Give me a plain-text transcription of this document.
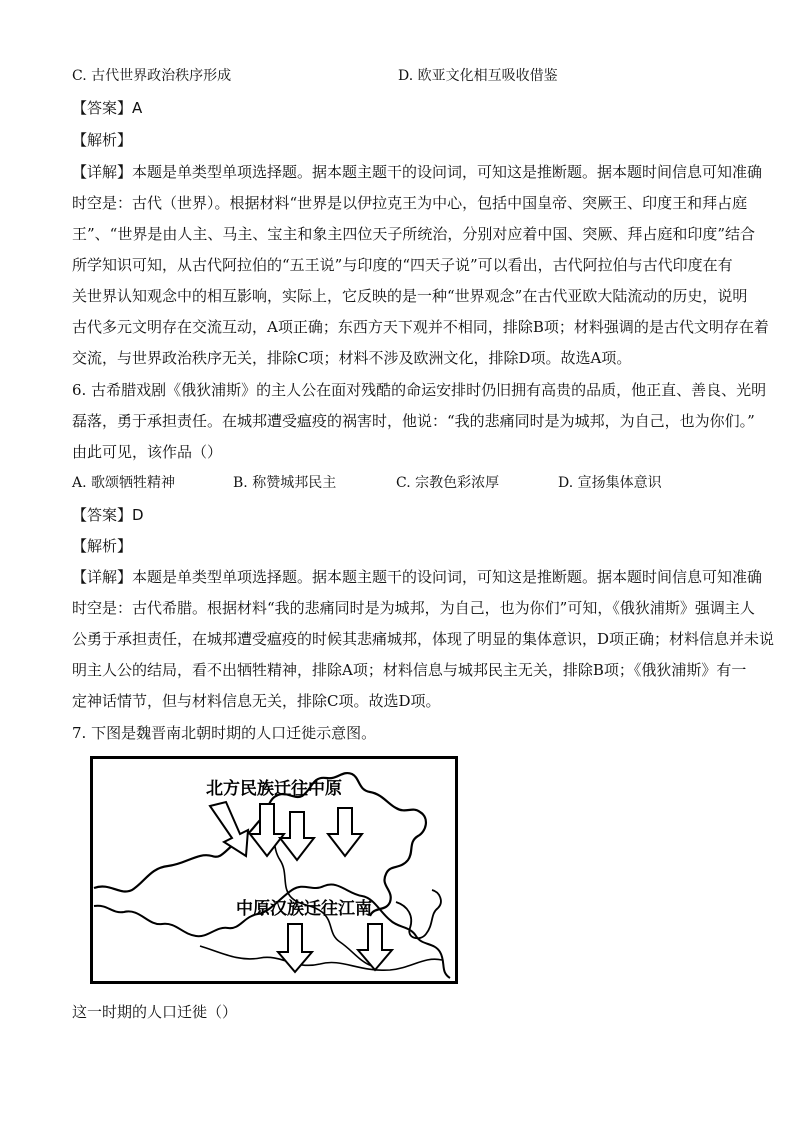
C. 古代世界政治秩序形成	D. 欧亚文化相互吸收借鉴
【答案】A
【解析】
【详解】本题是单类型单项选择题。据本题主题干的设问词，可知这是推断题。据本题时间信息可知准确
时空是：古代（世界）。根据材料“世界是以伊拉克王为中心，包括中国皇帝、突厥王、印度王和拜占庭
王”、“世界是由人主、马主、宝主和象主四位天子所统治，分别对应着中国、突厥、拜占庭和印度”结合
所学知识可知，从古代阿拉伯的“五王说”与印度的“四天子说”可以看出，古代阿拉伯与古代印度在有
关世界认知观念中的相互影响，实际上，它反映的是一种“世界观念”在古代亚欧大陆流动的历史，说明
古代多元文明存在交流互动，A项正确；东西方天下观并不相同，排除B项；材料强调的是古代文明存在着
交流，与世界政治秩序无关，排除C项；材料不涉及欧洲文化，排除D项。故选A项。
6. 古希腊戏剧《俄狄浦斯》的主人公在面对残酷的命运安排时仍旧拥有高贵的品质，他正直、善良、光明
磊落，勇于承担责任。在城邦遭受瘟疫的祸害时，他说：“我的悲痛同时是为城邦，为自己，也为你们。”
由此可见，该作品（）
A. 歌颂牺牲精神	B. 称赞城邦民主	C. 宗教色彩浓厚	D. 宣扬集体意识
【答案】D
【解析】
【详解】本题是单类型单项选择题。据本题主题干的设问词，可知这是推断题。据本题时间信息可知准确
时空是：古代希腊。根据材料“我的悲痛同时是为城邦，为自己，也为你们”可知，《俄狄浦斯》强调主人
公勇于承担责任，在城邦遭受瘟疫的时候其悲痛城邦，体现了明显的集体意识，D项正确；材料信息并未说
明主人公的结局，看不出牺牲精神，排除A项；材料信息与城邦民主无关，排除B项；《俄狄浦斯》有一
定神话情节，但与材料信息无关，排除C项。故选D项。
7. 下图是魏晋南北朝时期的人口迁徙示意图。
北方民族迁往中原
中原汉族迁往江南
这一时期的人口迁徙（）
